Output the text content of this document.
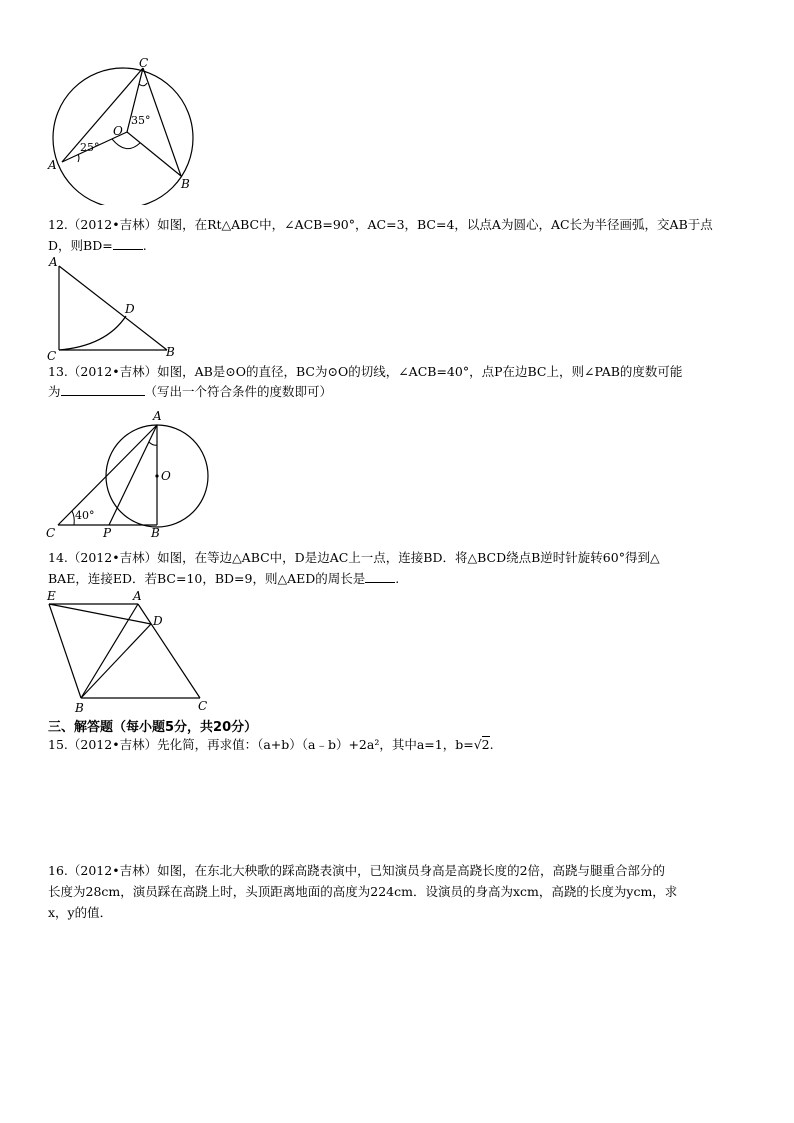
C
O
A
B
25°
35°
12.（2012•吉林）如图，在Rt△ABC中，∠ACB=90°，AC=3，BC=4，以点A为圆心，AC长为半径画弧，交AB于点
D，则BD= .
A
D
C	B
13.（2012•吉林）如图，AB是⊙O的直径，BC为⊙O的切线，∠ACB=40°，点P在边BC上，则∠PAB的度数可能
为	（写出一个符合条件的度数即可）
A
O
C	P	B
40°
14.（2012•吉林）如图，在等边△ABC中，D是边AC上一点，连接BD．将△BCD绕点B逆时针旋转60°得到△
BAE，连接ED．若BC=10，BD=9，则△AED的周长是 .
E	A
D
B	C
三、解答题（每小题5分，共20分）
15.（2012•吉林）先化简，再求值：（a+b）（a﹣b）+2a²，其中a=1，b=√2.
16.（2012•吉林）如图，在东北大秧歌的踩高跷表演中，已知演员身高是高跷长度的2倍，高跷与腿重合部分的
长度为28cm，演员踩在高跷上时，头顶距离地面的高度为224cm．设演员的身高为xcm，高跷的长度为ycm，求
x，y的值．
